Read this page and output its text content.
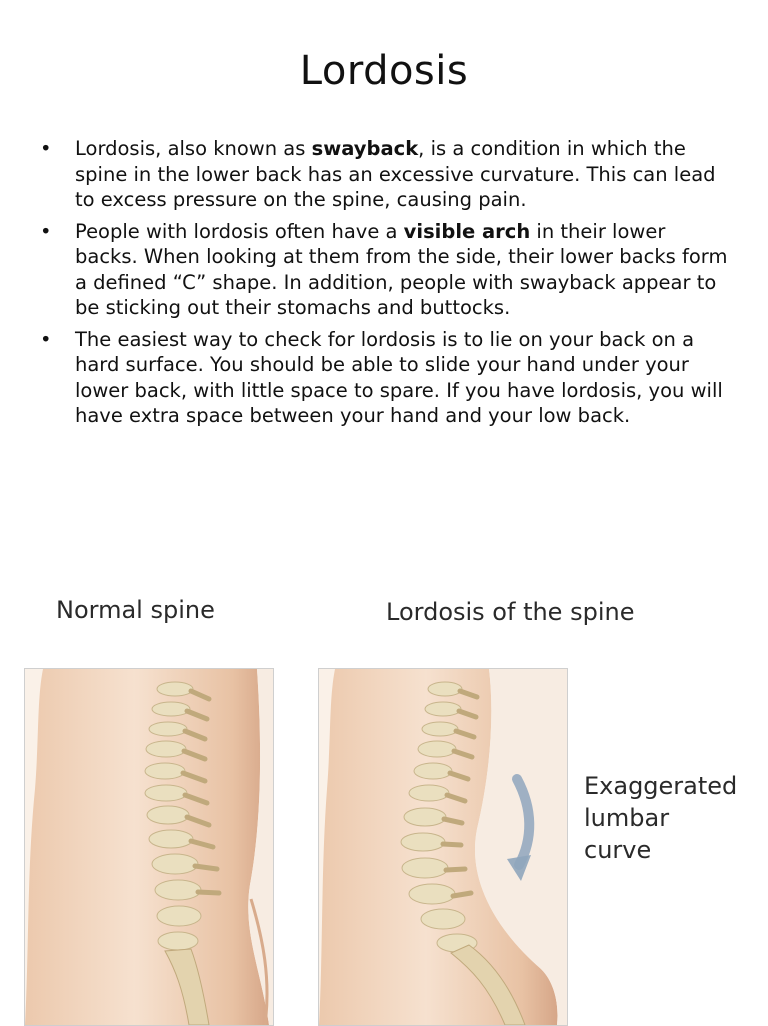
Lordosis
•	Lordosis, also known as swayback, is a condition in which the spine in the lower back has an excessive curvature. This can lead to excess pressure on the spine, causing pain.
•	People with lordosis often have a visible arch in their lower backs. When looking at them from the side, their lower backs form a defined “C” shape. In addition, people with swayback appear to be sticking out their stomachs and buttocks.
•	The easiest way to check for lordosis is to lie on your back on a hard surface. You should be able to slide your hand under your lower back, with little space to spare. If you have lordosis, you will have extra space between your hand and your low back.
Normal spine	Lordosis of the spine
Exaggerated
lumbar
curve
